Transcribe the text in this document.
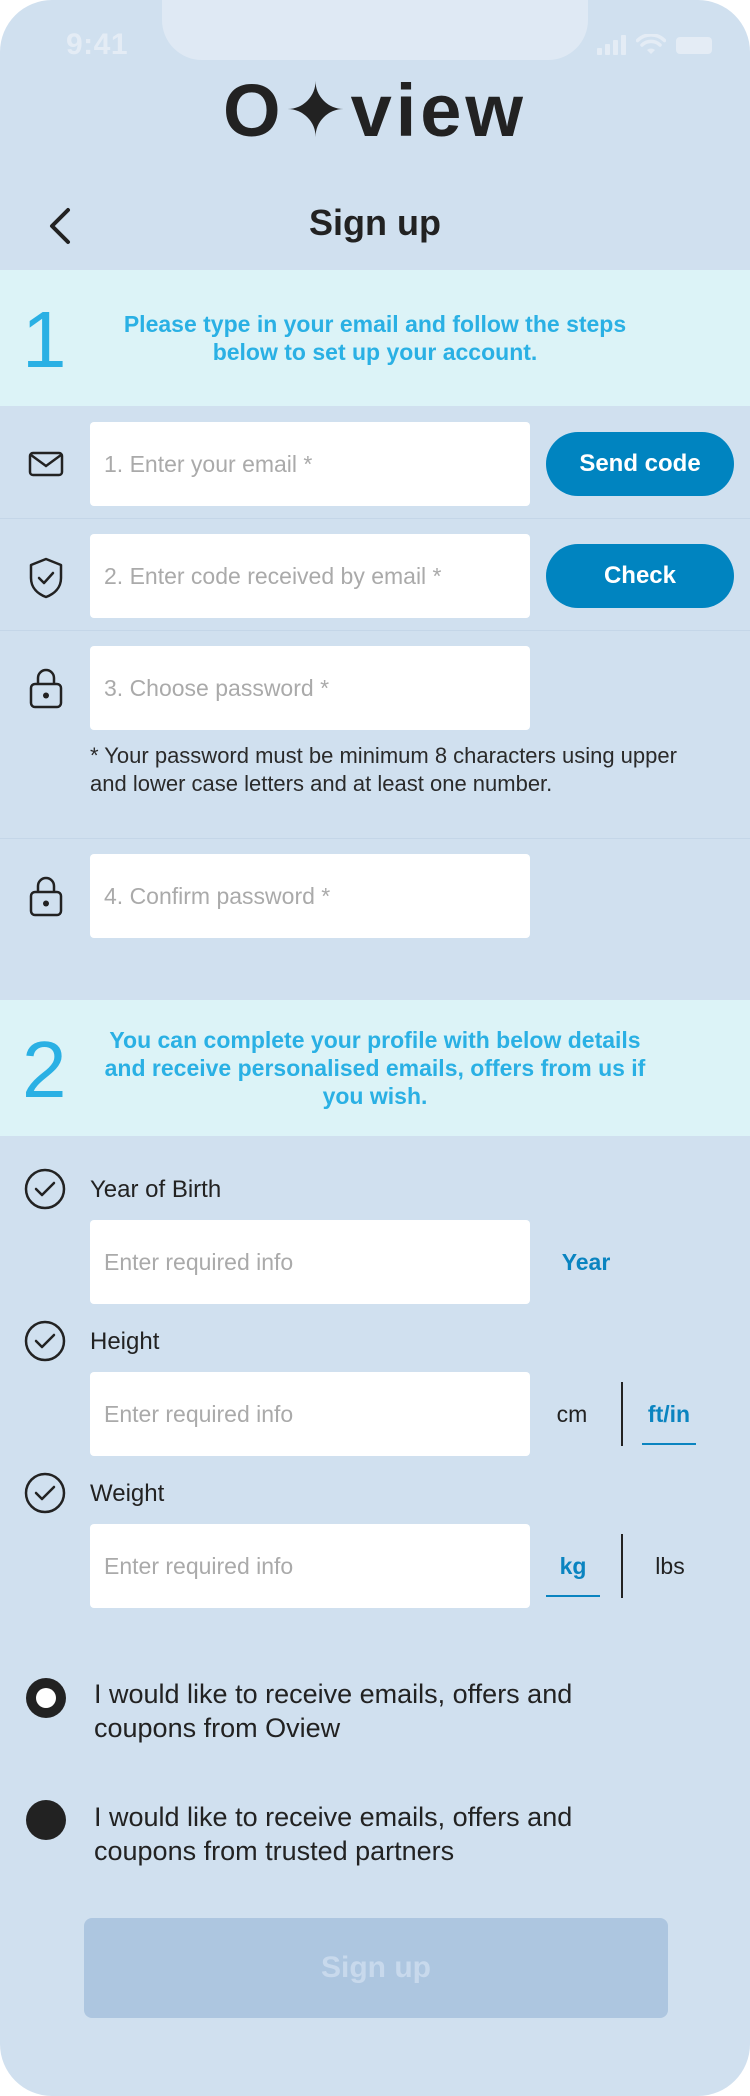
9:41
O✦view
Sign up
1	Please type in your email and follow the steps below to set up your account.
1. Enter your email *
Send code
2. Enter code received by email *
Check
* Your password must be minimum 8 characters using upper and lower case letters and at least one number.
2	You can complete your profile with below details and receive personalised emails, offers from us if you wish.
Year of Birth
Enter required info
Year
Height
Enter required info
cm	ft/in
Weight
Enter required info
kg	lbs
I would like to receive emails, offers and coupons from Oview
I would like to receive emails, offers and coupons from trusted partners
Sign up
